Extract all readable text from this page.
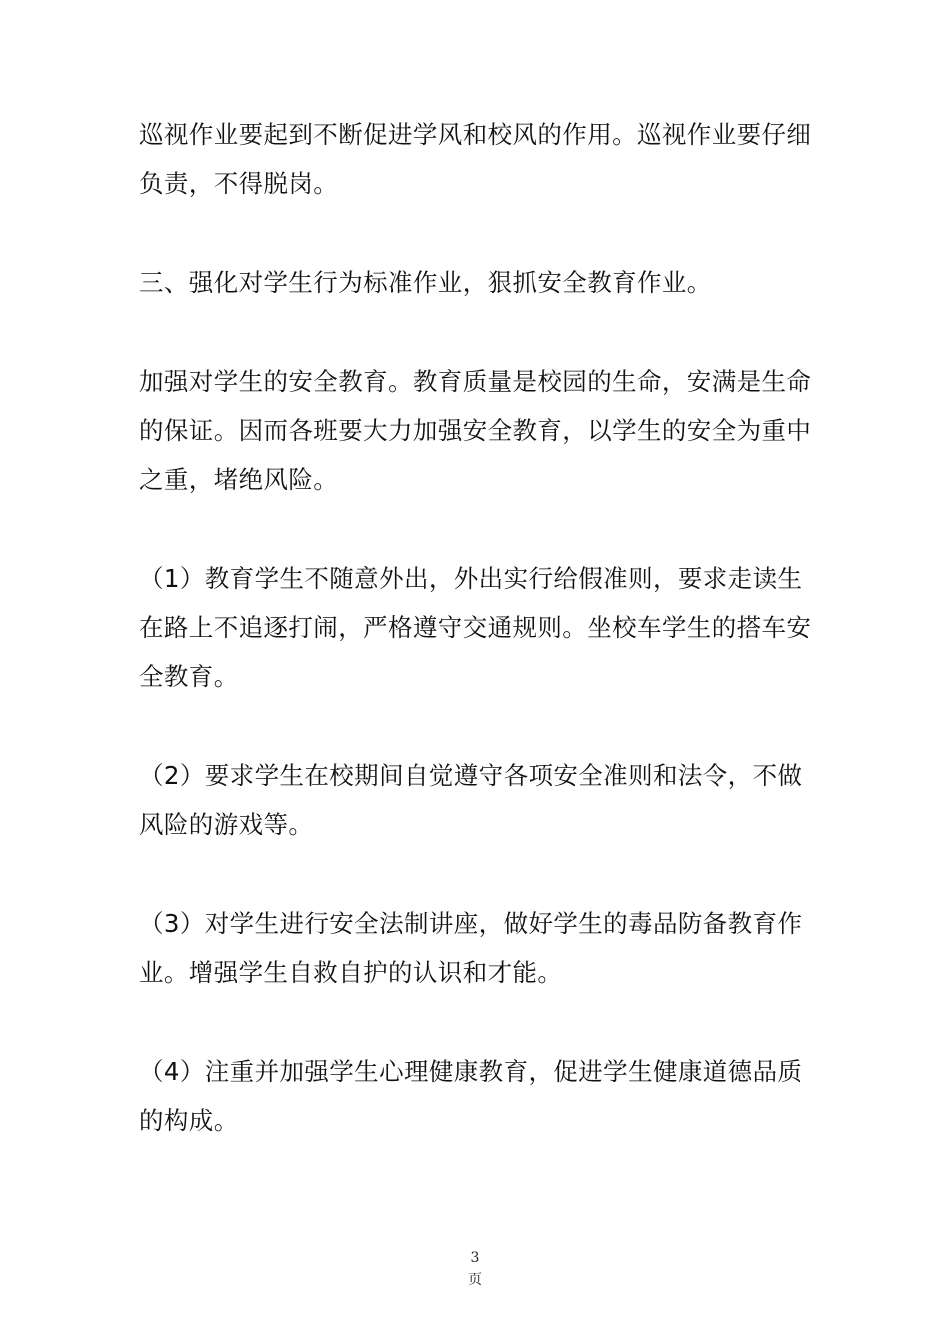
巡视作业要起到不断促进学风和校风的作用。巡视作业要仔细负责，不得脱岗。

三、强化对学生行为标准作业，狠抓安全教育作业。

加强对学生的安全教育。教育质量是校园的生命，安满是生命的保证。因而各班要大力加强安全教育，以学生的安全为重中之重，堵绝风险。

（1）教育学生不随意外出，外出实行给假准则，要求走读生在路上不追逐打闹，严格遵守交通规则。坐校车学生的搭车安全教育。

（2）要求学生在校期间自觉遵守各项安全准则和法令，不做风险的游戏等。

（3）对学生进行安全法制讲座，做好学生的毒品防备教育作业。增强学生自救自护的认识和才能。

（4）注重并加强学生心理健康教育，促进学生健康道德品质的构成。

3
页
